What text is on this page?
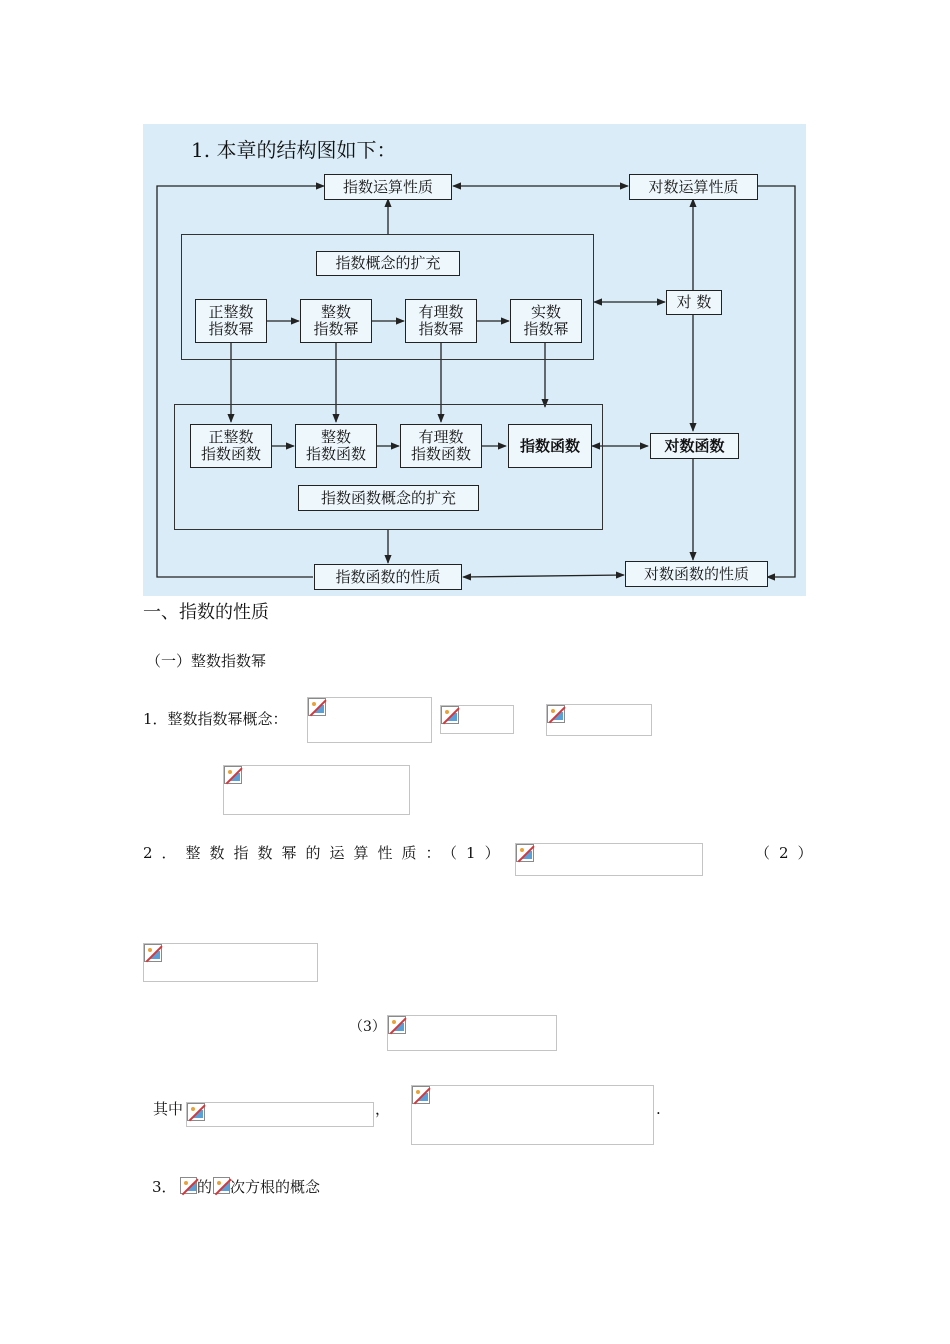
1. 本章的结构图如下：
指数运算性质	对数运算性质
指数概念的扩充
正整数
指数幂
整数
指数幂
有理数
指数幂
实数
指数幂
对 数
正整数
指数函数
整数
指数函数
有理数
指数函数	指数函数
指数函数概念的扩充
对数函数
指数函数的性质	对数函数的性质
一、指数的性质
（一）整数指数幂
1．整数指数幂概念：
2．整数指数幂的运算性质：（1）	（2）
（3）
其中	，	.
3． 的 次方根的概念
